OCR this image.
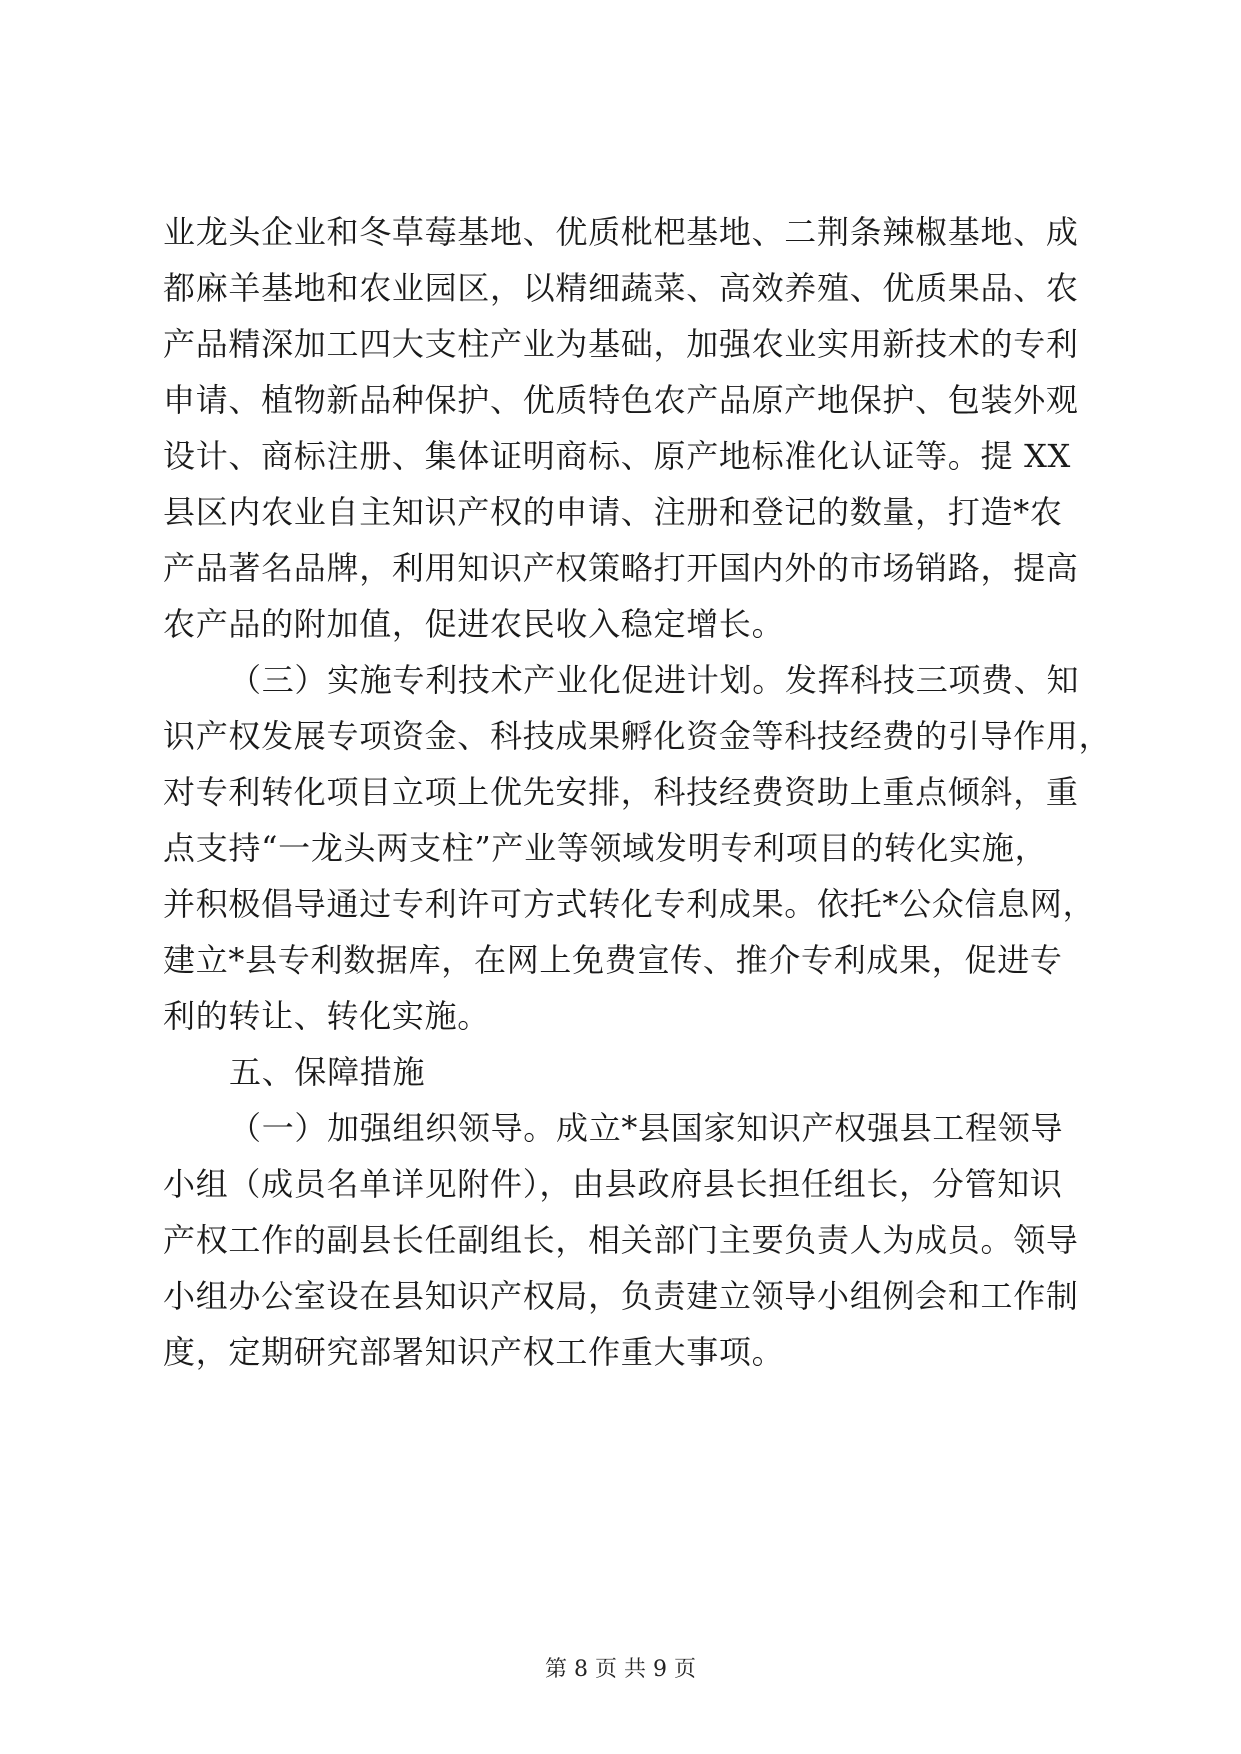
业龙头企业和冬草莓基地、优质枇杷基地、二荆条辣椒基地、成
都麻羊基地和农业园区，以精细蔬菜、高效养殖、优质果品、农
产品精深加工四大支柱产业为基础，加强农业实用新技术的专利
申请、植物新品种保护、优质特色农产品原产地保护、包装外观
设计、商标注册、集体证明商标、原产地标准化认证等。提 XX
县区内农业自主知识产权的申请、注册和登记的数量，打造*农
产品著名品牌，利用知识产权策略打开国内外的市场销路，提高
农产品的附加值，促进农民收入稳定增长。
（三）实施专利技术产业化促进计划。发挥科技三项费、知
识产权发展专项资金、科技成果孵化资金等科技经费的引导作用，
对专利转化项目立项上优先安排，科技经费资助上重点倾斜，重
点支持“一龙头两支柱”产业等领域发明专利项目的转化实施，
并积极倡导通过专利许可方式转化专利成果。依托*公众信息网，
建立*县专利数据库，在网上免费宣传、推介专利成果，促进专
利的转让、转化实施。
五、保障措施
（一）加强组织领导。成立*县国家知识产权强县工程领导
小组（成员名单详见附件），由县政府县长担任组长，分管知识
产权工作的副县长任副组长，相关部门主要负责人为成员。领导
小组办公室设在县知识产权局，负责建立领导小组例会和工作制
度，定期研究部署知识产权工作重大事项。
第 8 页 共 9 页
